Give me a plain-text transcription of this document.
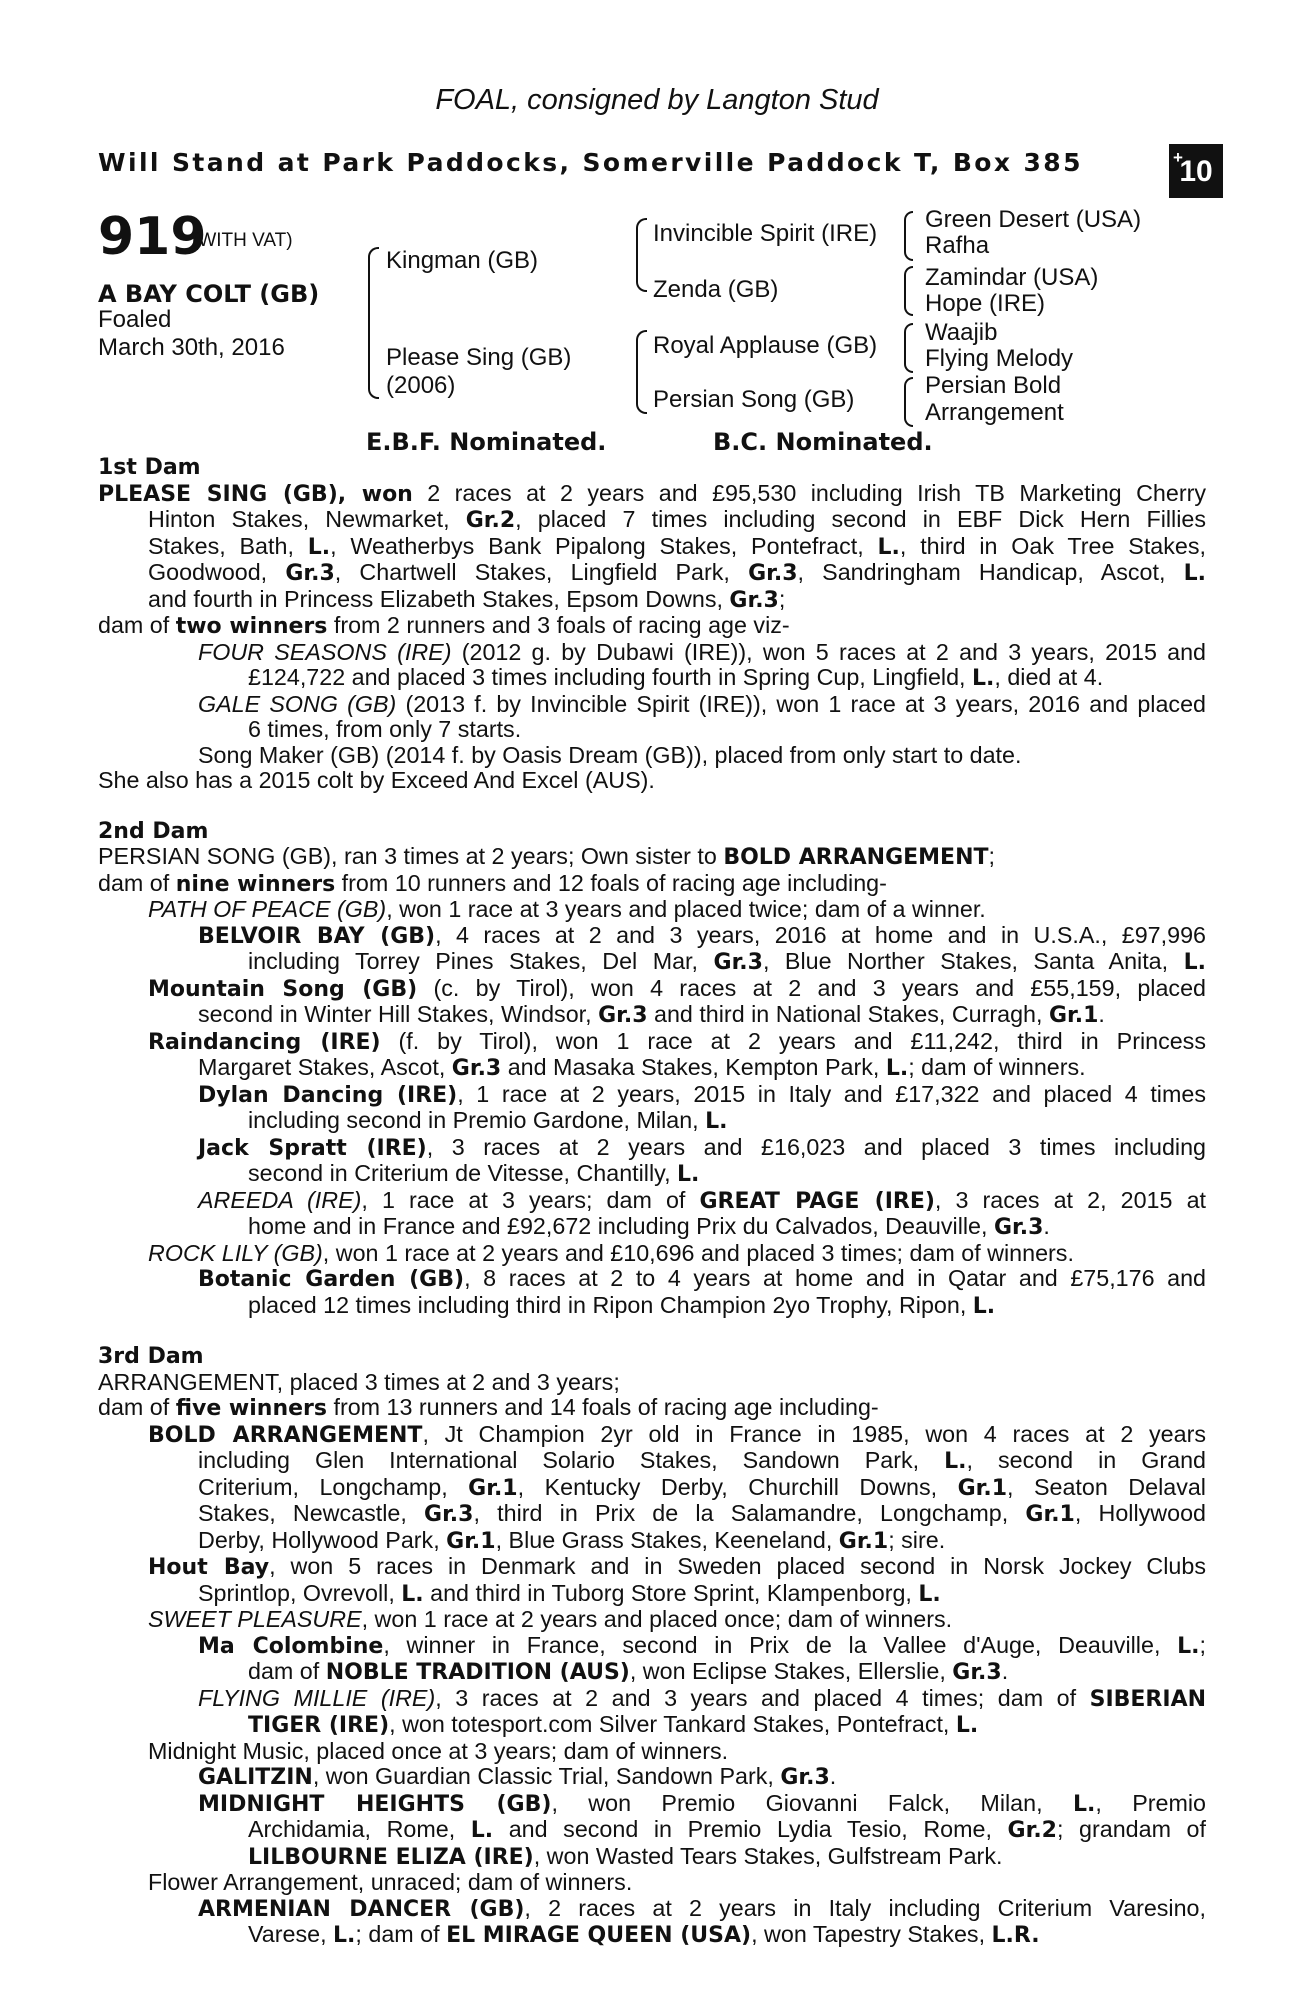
FOAL, consigned by Langton Stud
Will Stand at Park Paddocks, Somerville Paddock T, Box 385	+
10
919
(WITH VAT)
A BAY COLT (GB)
Foaled
March 30th, 2016
Kingman (GB)
Please Sing (GB)
(2006)
Invincible Spirit (IRE)
Zenda (GB)
Royal Applause (GB)
Persian Song (GB)
Green Desert (USA)
Rafha
Zamindar (USA)
Hope (IRE)
Waajib
Flying Melody
Persian Bold
Arrangement
E.B.F. Nominated.	B.C. Nominated.
1st Dam
PLEASE SING (GB), won 2 races at 2 years and £95,530 including Irish TB Marketing Cherry
Hinton Stakes, Newmarket, Gr.2, placed 7 times including second in EBF Dick Hern Fillies
Stakes, Bath, L., Weatherbys Bank Pipalong Stakes, Pontefract, L., third in Oak Tree Stakes,
Goodwood, Gr.3, Chartwell Stakes, Lingfield Park, Gr.3, Sandringham Handicap, Ascot, L.
and fourth in Princess Elizabeth Stakes, Epsom Downs, Gr.3;
dam of two winners from 2 runners and 3 foals of racing age viz-
FOUR SEASONS (IRE) (2012 g. by Dubawi (IRE)), won 5 races at 2 and 3 years, 2015 and
£124,722 and placed 3 times including fourth in Spring Cup, Lingfield, L., died at 4.
GALE SONG (GB) (2013 f. by Invincible Spirit (IRE)), won 1 race at 3 years, 2016 and placed
6 times, from only 7 starts.
Song Maker (GB) (2014 f. by Oasis Dream (GB)), placed from only start to date.
She also has a 2015 colt by Exceed And Excel (AUS).
2nd Dam
PERSIAN SONG (GB), ran 3 times at 2 years; Own sister to BOLD ARRANGEMENT;
dam of nine winners from 10 runners and 12 foals of racing age including-
PATH OF PEACE (GB), won 1 race at 3 years and placed twice; dam of a winner.
BELVOIR BAY (GB), 4 races at 2 and 3 years, 2016 at home and in U.S.A., £97,996
including Torrey Pines Stakes, Del Mar, Gr.3, Blue Norther Stakes, Santa Anita, L.
Mountain Song (GB) (c. by Tirol), won 4 races at 2 and 3 years and £55,159, placed
second in Winter Hill Stakes, Windsor, Gr.3 and third in National Stakes, Curragh, Gr.1.
Raindancing (IRE) (f. by Tirol), won 1 race at 2 years and £11,242, third in Princess
Margaret Stakes, Ascot, Gr.3 and Masaka Stakes, Kempton Park, L.; dam of winners.
Dylan Dancing (IRE), 1 race at 2 years, 2015 in Italy and £17,322 and placed 4 times
including second in Premio Gardone, Milan, L.
Jack Spratt (IRE), 3 races at 2 years and £16,023 and placed 3 times including
second in Criterium de Vitesse, Chantilly, L.
AREEDA (IRE), 1 race at 3 years; dam of GREAT PAGE (IRE), 3 races at 2, 2015 at
home and in France and £92,672 including Prix du Calvados, Deauville, Gr.3.
ROCK LILY (GB), won 1 race at 2 years and £10,696 and placed 3 times; dam of winners.
Botanic Garden (GB), 8 races at 2 to 4 years at home and in Qatar and £75,176 and
placed 12 times including third in Ripon Champion 2yo Trophy, Ripon, L.
3rd Dam
ARRANGEMENT, placed 3 times at 2 and 3 years;
dam of five winners from 13 runners and 14 foals of racing age including-
BOLD ARRANGEMENT, Jt Champion 2yr old in France in 1985, won 4 races at 2 years
including Glen International Solario Stakes, Sandown Park, L., second in Grand
Criterium, Longchamp, Gr.1, Kentucky Derby, Churchill Downs, Gr.1, Seaton Delaval
Stakes, Newcastle, Gr.3, third in Prix de la Salamandre, Longchamp, Gr.1, Hollywood
Derby, Hollywood Park, Gr.1, Blue Grass Stakes, Keeneland, Gr.1; sire.
Hout Bay, won 5 races in Denmark and in Sweden placed second in Norsk Jockey Clubs
Sprintlop, Ovrevoll, L. and third in Tuborg Store Sprint, Klampenborg, L.
SWEET PLEASURE, won 1 race at 2 years and placed once; dam of winners.
Ma Colombine, winner in France, second in Prix de la Vallee d'Auge, Deauville, L.;
dam of NOBLE TRADITION (AUS), won Eclipse Stakes, Ellerslie, Gr.3.
FLYING MILLIE (IRE), 3 races at 2 and 3 years and placed 4 times; dam of SIBERIAN
TIGER (IRE), won totesport.com Silver Tankard Stakes, Pontefract, L.
Midnight Music, placed once at 3 years; dam of winners.
GALITZIN, won Guardian Classic Trial, Sandown Park, Gr.3.
MIDNIGHT HEIGHTS (GB), won Premio Giovanni Falck, Milan, L., Premio
Archidamia, Rome, L. and second in Premio Lydia Tesio, Rome, Gr.2; grandam of
LILBOURNE ELIZA (IRE), won Wasted Tears Stakes, Gulfstream Park.
Flower Arrangement, unraced; dam of winners.
ARMENIAN DANCER (GB), 2 races at 2 years in Italy including Criterium Varesino,
Varese, L.; dam of EL MIRAGE QUEEN (USA), won Tapestry Stakes, L.R.
